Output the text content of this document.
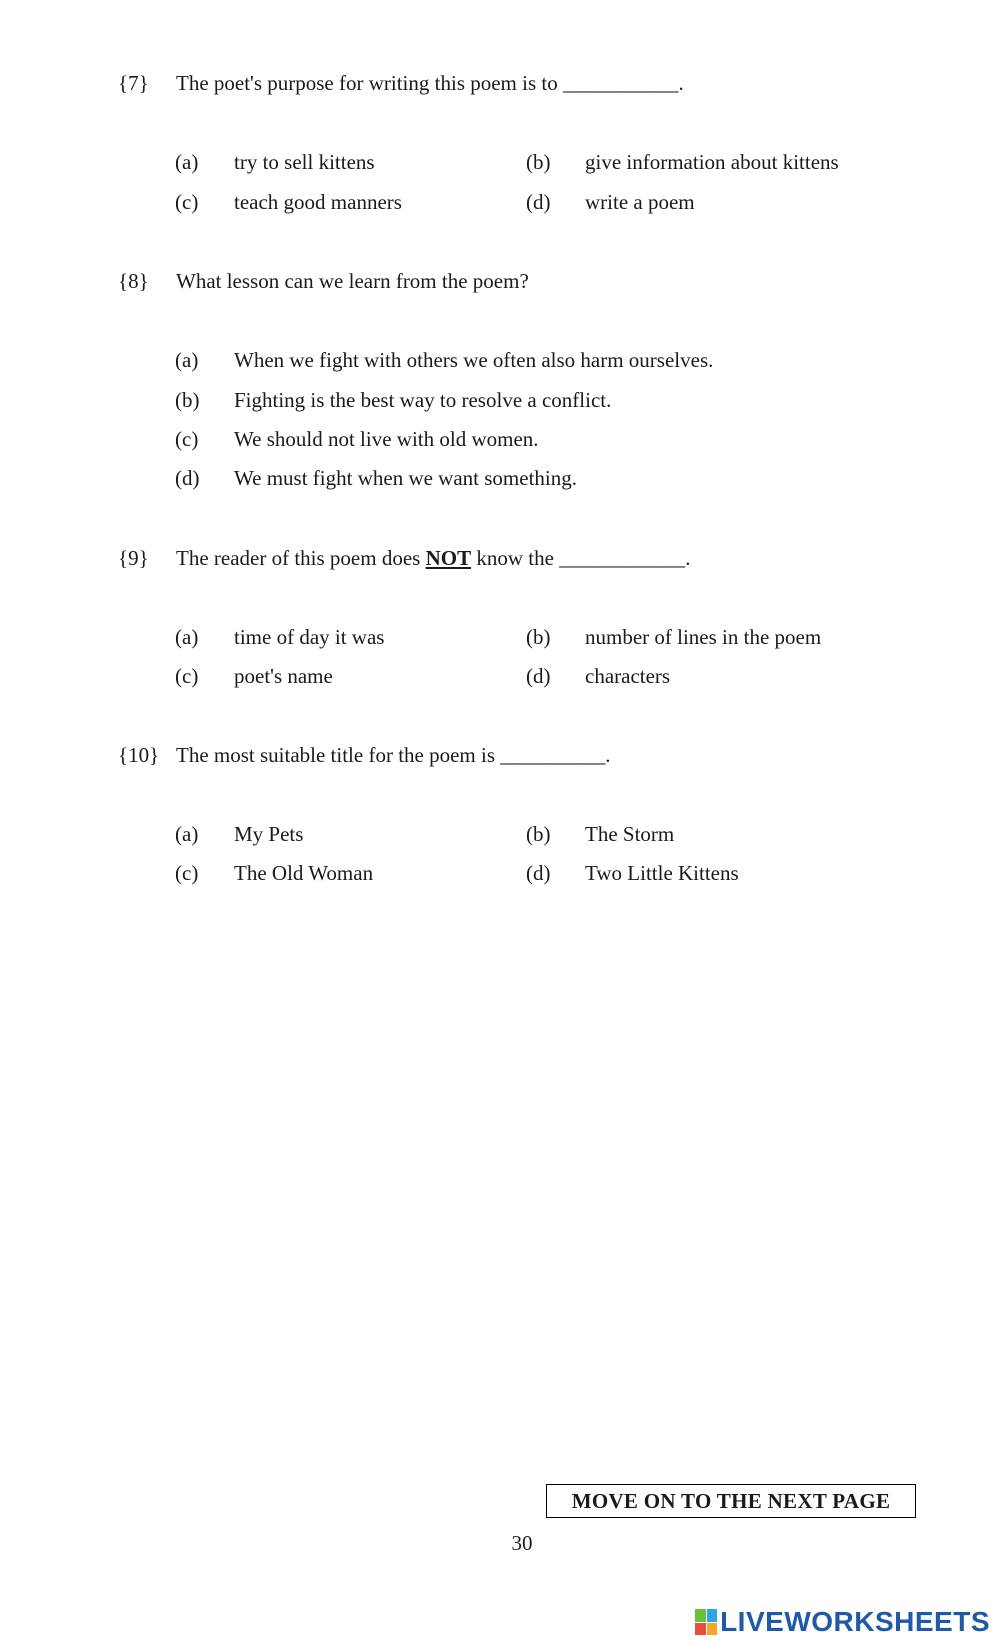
{7} The poet's purpose for writing this poem is to ___________.
(a) try to sell kittens	(b) give information about kittens
(c) teach good manners	(d) write a poem
{8} What lesson can we learn from the poem?
(a) When we fight with others we often also harm ourselves.
(b) Fighting is the best way to resolve a conflict.
(c) We should not live with old women.
(d) We must fight when we want something.
{9} The reader of this poem does NOT know the ____________.
(a) time of day it was	(b) number of lines in the poem
(c) poet's name	(d) characters
{10} The most suitable title for the poem is __________.
(a) My Pets	(b) The Storm
(c) The Old Woman	(d) Two Little Kittens
MOVE ON TO THE NEXT PAGE
30
LIVEWORKSHEETS
